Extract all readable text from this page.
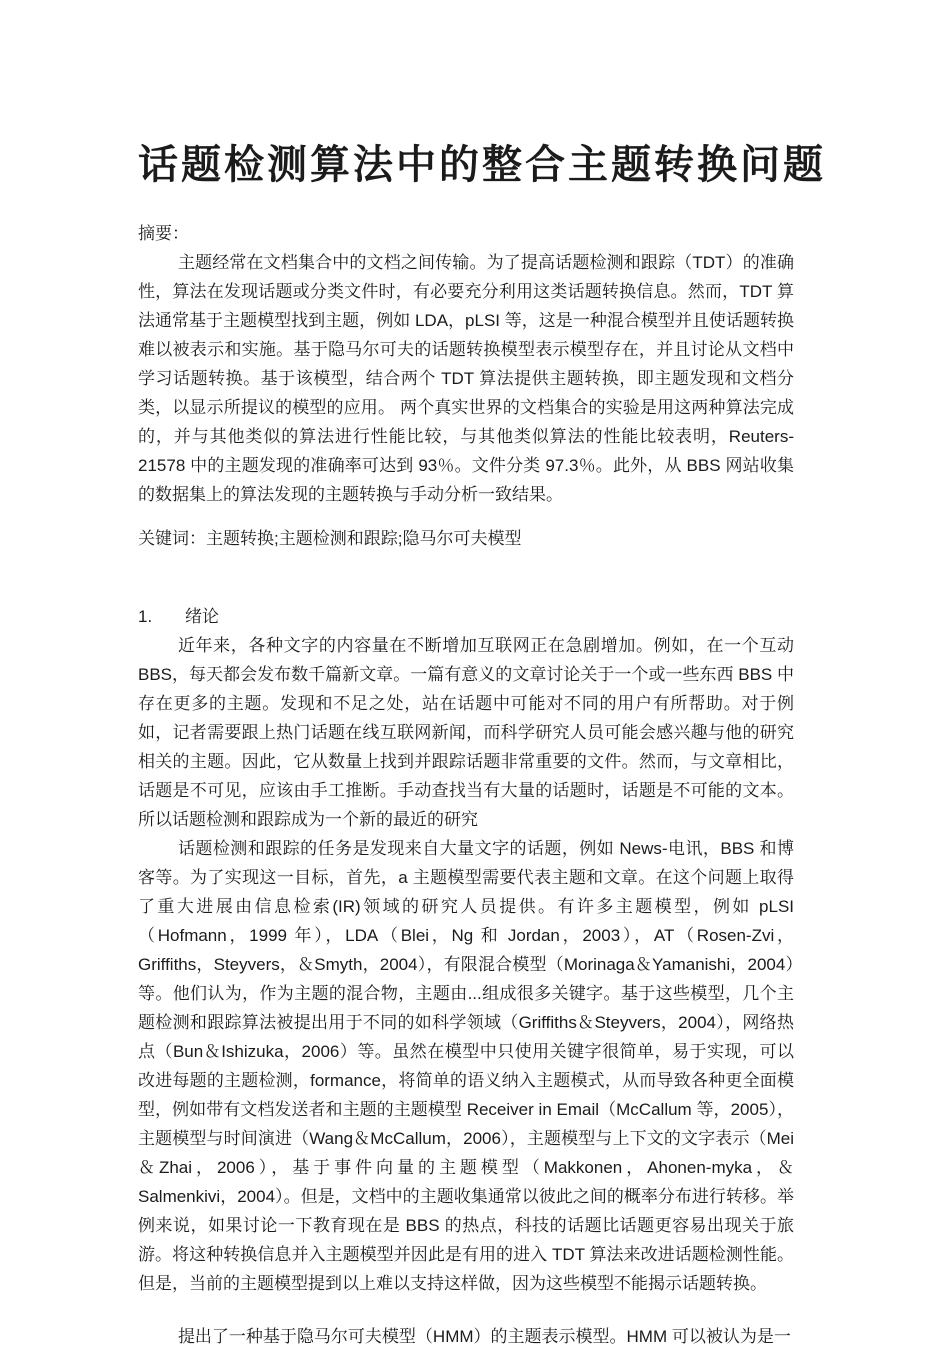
话题检测算法中的整合主题转换问题
摘要：

主题经常在文档集合中的文档之间传输。为了提高话题检测和跟踪（TDT）的准确性，算法在发现话题或分类文件时，有必要充分利用这类话题转换信息。然而，TDT 算法通常基于主题模型找到主题，例如 LDA，pLSI 等，这是一种混合模型并且使话题转换难以被表示和实施。基于隐马尔可夫的话题转换模型表示模型存在，并且讨论从文档中学习话题转换。基于该模型，结合两个 TDT 算法提供主题转换，即主题发现和文档分类，以显示所提议的模型的应用。 两个真实世界的文档集合的实验是用这两种算法完成的，并与其他类似的算法进行性能比较，与其他类似算法的性能比较表明，Reuters-21578 中的主题发现的准确率可达到 93％。文件分类 97.3％。此外，从 BBS 网站收集的数据集上的算法发现的主题转换与手动分析一致结果。

关键词：主题转换;主题检测和跟踪;隐马尔可夫模型

1.	绪论

近年来，各种文字的内容量在不断增加互联网正在急剧增加。例如，在一个互动 BBS，每天都会发布数千篇新文章。一篇有意义的文章讨论关于一个或一些东西 BBS 中存在更多的主题。发现和不足之处，站在话题中可能对不同的用户有所帮助。对于例如，记者需要跟上热门话题在线互联网新闻，而科学研究人员可能会感兴趣与他的研究相关的主题。因此，它从数量上找到并跟踪话题非常重要的文件。然而，与文章相比，话题是不可见，应该由手工推断。手动查找当有大量的话题时，话题是不可能的文本。所以话题检测和跟踪成为一个新的最近的研究

话题检测和跟踪的任务是发现来自大量文字的话题，例如 News-电讯，BBS 和博客等。为了实现这一目标，首先，a 主题模型需要代表主题和文章。在这个问题上取得了重大进展由信息检索(IR)领域的研究人员提供。有许多主题模型，例如 pLSI（Hofmann，1999 年），LDA（Blei，Ng 和 Jordan，2003），AT（Rosen-Zvi，Griffiths，Steyvers，＆Smyth，2004），有限混合模型（Morinaga＆Yamanishi，2004）等。他们认为，作为主题的混合物，主题由...组成很多关键字。基于这些模型，几个主题检测和跟踪算法被提出用于不同的如科学领域（Griffiths＆Steyvers，2004），网络热点（Bun＆Ishizuka，2006）等。虽然在模型中只使用关键字很简单，易于实现，可以改进每题的主题检测，formance，将简单的语义纳入主题模式，从而导致各种更全面模型，例如带有文档发送者和主题的主题模型 Receiver in Email（McCallum 等，2005），主题模型与时间演进（Wang＆McCallum，2006），主题模型与上下文的文字表示（Mei＆Zhai，2006），基于事件向量的主题模型（Makkonen，Ahonen-myka，＆Salmenkivi，2004）。但是，文档中的主题收集通常以彼此之间的概率分布进行转移。举例来说，如果讨论一下教育现在是 BBS 的热点，科技的话题比话题更容易出现关于旅游。将这种转换信息并入主题模型并因此是有用的进入 TDT 算法来改进话题检测性能。但是，当前的主题模型提到以上难以支持这样做，因为这些模型不能揭示话题转换。

提出了一种基于隐马尔可夫模型（HMM）的主题表示模型。HMM 可以被认为是一
